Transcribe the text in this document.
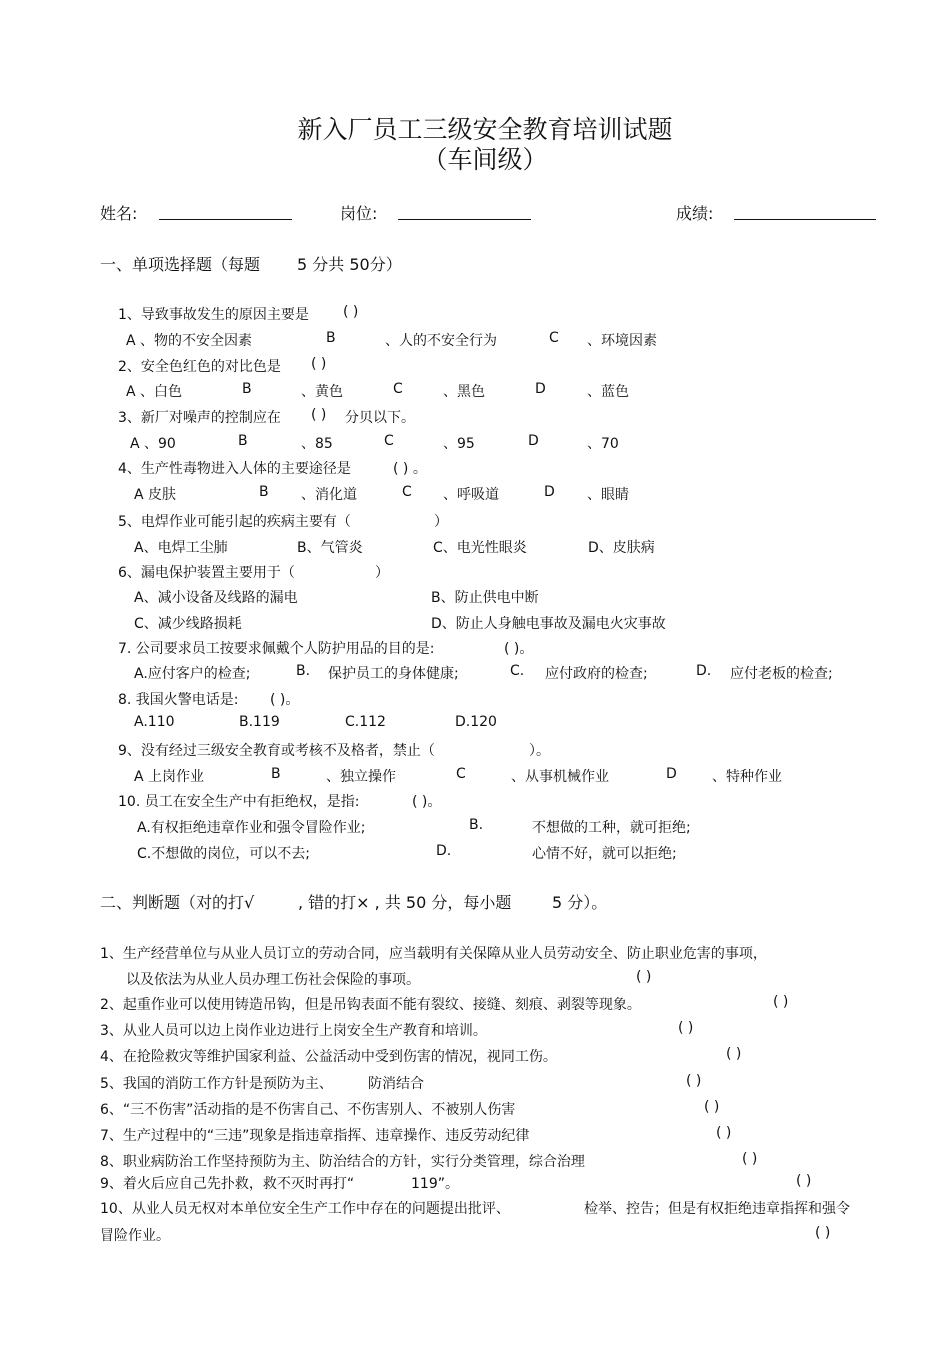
新入厂员工三级安全教育培训试题
（车间级）
姓名:	岗位:	成绩:
一、单项选择题（每题 5 分共 50分）
1、导致事故发生的原因主要是 ( )
A 、物的不安全因素	B	、人的不安全行为	C 、环境因素
2、安全色红色的对比色是 ( )
A 、白色	B	、黄色	C	、黑色	D	、蓝色
3、新厂对噪声的控制应在 ( ) 分贝以下。
A 、90	B	、85	C	、95	D	、70
4、生产性毒物进入人体的主要途径是	( ) 。
A 皮肤	B 、消化道	C 、呼吸道	D 、眼睛
5、电焊作业可能引起的疾病主要有（	）
A、电焊工尘肺	B、气管炎	C、电光性眼炎	D、皮肤病
6、漏电保护装置主要用于（	）
A、减小设备及线路的漏电	B、防止供电中断
C、减少线路损耗	D、防止人身触电事故及漏电火灾事故
7. 公司要求员工按要求佩戴个人防护用品的目的是:	( )。
A.应付客户的检查;	B. 保护员工的身体健康;	C. 应付政府的检查;	D. 应付老板的检查;
8. 我国火警电话是: ( )。
A.110	B.119	C.112	D.120
9、没有经过三级安全教育或考核不及格者，禁止（	）。
A 上岗作业	B	、独立操作	C	、从事机械作业	D	、特种作业
10. 员工在安全生产中有拒绝权，是指:	( )。
A.有权拒绝违章作业和强令冒险作业;	B.	不想做的工种，就可拒绝;
C.不想做的岗位，可以不去;	D.	心情不好，就可以拒绝;
二、判断题（对的打√	, 错的打× , 共 50 分，每小题	5 分）。
1、生产经营单位与从业人员订立的劳动合同，应当载明有关保障从业人员劳动安全、防止职业危害的事项，
以及依法为从业人员办理工伤社会保险的事项。	( )
2、起重作业可以使用铸造吊钩，但是吊钩表面不能有裂纹、接缝、刻痕、剥裂等现象。	( )
3、从业人员可以边上岗作业边进行上岗安全生产教育和培训。	( )
4、在抢险救灾等维护国家利益、公益活动中受到伤害的情况，视同工伤。	( )
5、我国的消防工作方针是预防为主、	防消结合	( )
6、“三不伤害”活动指的是不伤害自己、不伤害别人、不被别人伤害	( )
7、生产过程中的“三违”现象是指违章指挥、违章操作、违反劳动纪律	( )
8、职业病防治工作坚持预防为主、防治结合的方针，实行分类管理，综合治理	( )
9、着火后应自己先扑救，救不灭时再打“	119”。	( )
10、从业人员无权对本单位安全生产工作中存在的问题提出批评、	检举、控告；但是有权拒绝违章指挥和强令
冒险作业。	( )
